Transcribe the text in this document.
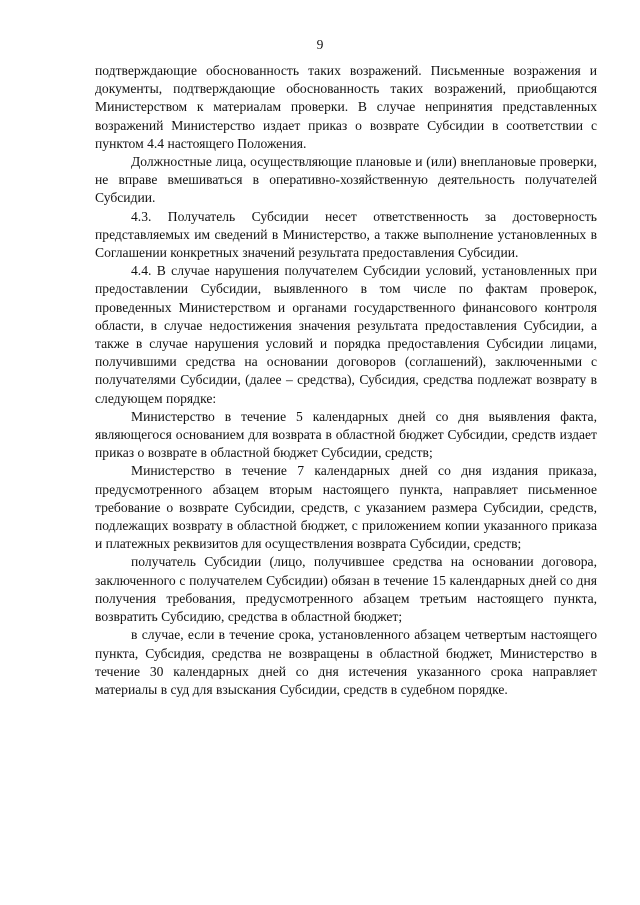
9

подтверждающие обоснованность таких возражений. Письменные возражения и документы, подтверждающие обоснованность таких возражений, приобщаются Министерством к материалам проверки. В случае непринятия представленных возражений Министерство издает приказ о возврате Субсидии в соответствии с пунктом 4.4 настоящего Положения.

Должностные лица, осуществляющие плановые и (или) внеплановые проверки, не вправе вмешиваться в оперативно-хозяйственную деятельность получателей Субсидии.

4.3. Получатель Субсидии несет ответственность за достоверность представляемых им сведений в Министерство, а также выполнение установленных в Соглашении конкретных значений результата предоставления Субсидии.

4.4. В случае нарушения получателем Субсидии условий, установленных при предоставлении Субсидии, выявленного в том числе по фактам проверок, проведенных Министерством и органами государственного финансового контроля области, в случае недостижения значения результата предоставления Субсидии, а также в случае нарушения условий и порядка предоставления Субсидии лицами, получившими средства на основании договоров (соглашений), заключенными с получателями Субсидии, (далее – средства), Субсидия, средства подлежат возврату в следующем порядке:

Министерство в течение 5 календарных дней со дня выявления факта, являющегося основанием для возврата в областной бюджет Субсидии, средств издает приказ о возврате в областной бюджет Субсидии, средств;

Министерство в течение 7 календарных дней со дня издания приказа, предусмотренного абзацем вторым настоящего пункта, направляет письменное требование о возврате Субсидии, средств, с указанием размера Субсидии, средств, подлежащих возврату в областной бюджет, с приложением копии указанного приказа и платежных реквизитов для осуществления возврата Субсидии, средств;

получатель Субсидии (лицо, получившее средства на основании договора, заключенного с получателем Субсидии) обязан в течение 15 календарных дней со дня получения требования, предусмотренного абзацем третьим настоящего пункта, возвратить Субсидию, средства в областной бюджет;

в случае, если в течение срока, установленного абзацем четвертым настоящего пункта, Субсидия, средства не возвращены в областной бюджет, Министерство в течение 30 календарных дней со дня истечения указанного срока направляет материалы в суд для взыскания Субсидии, средств в судебном порядке.
